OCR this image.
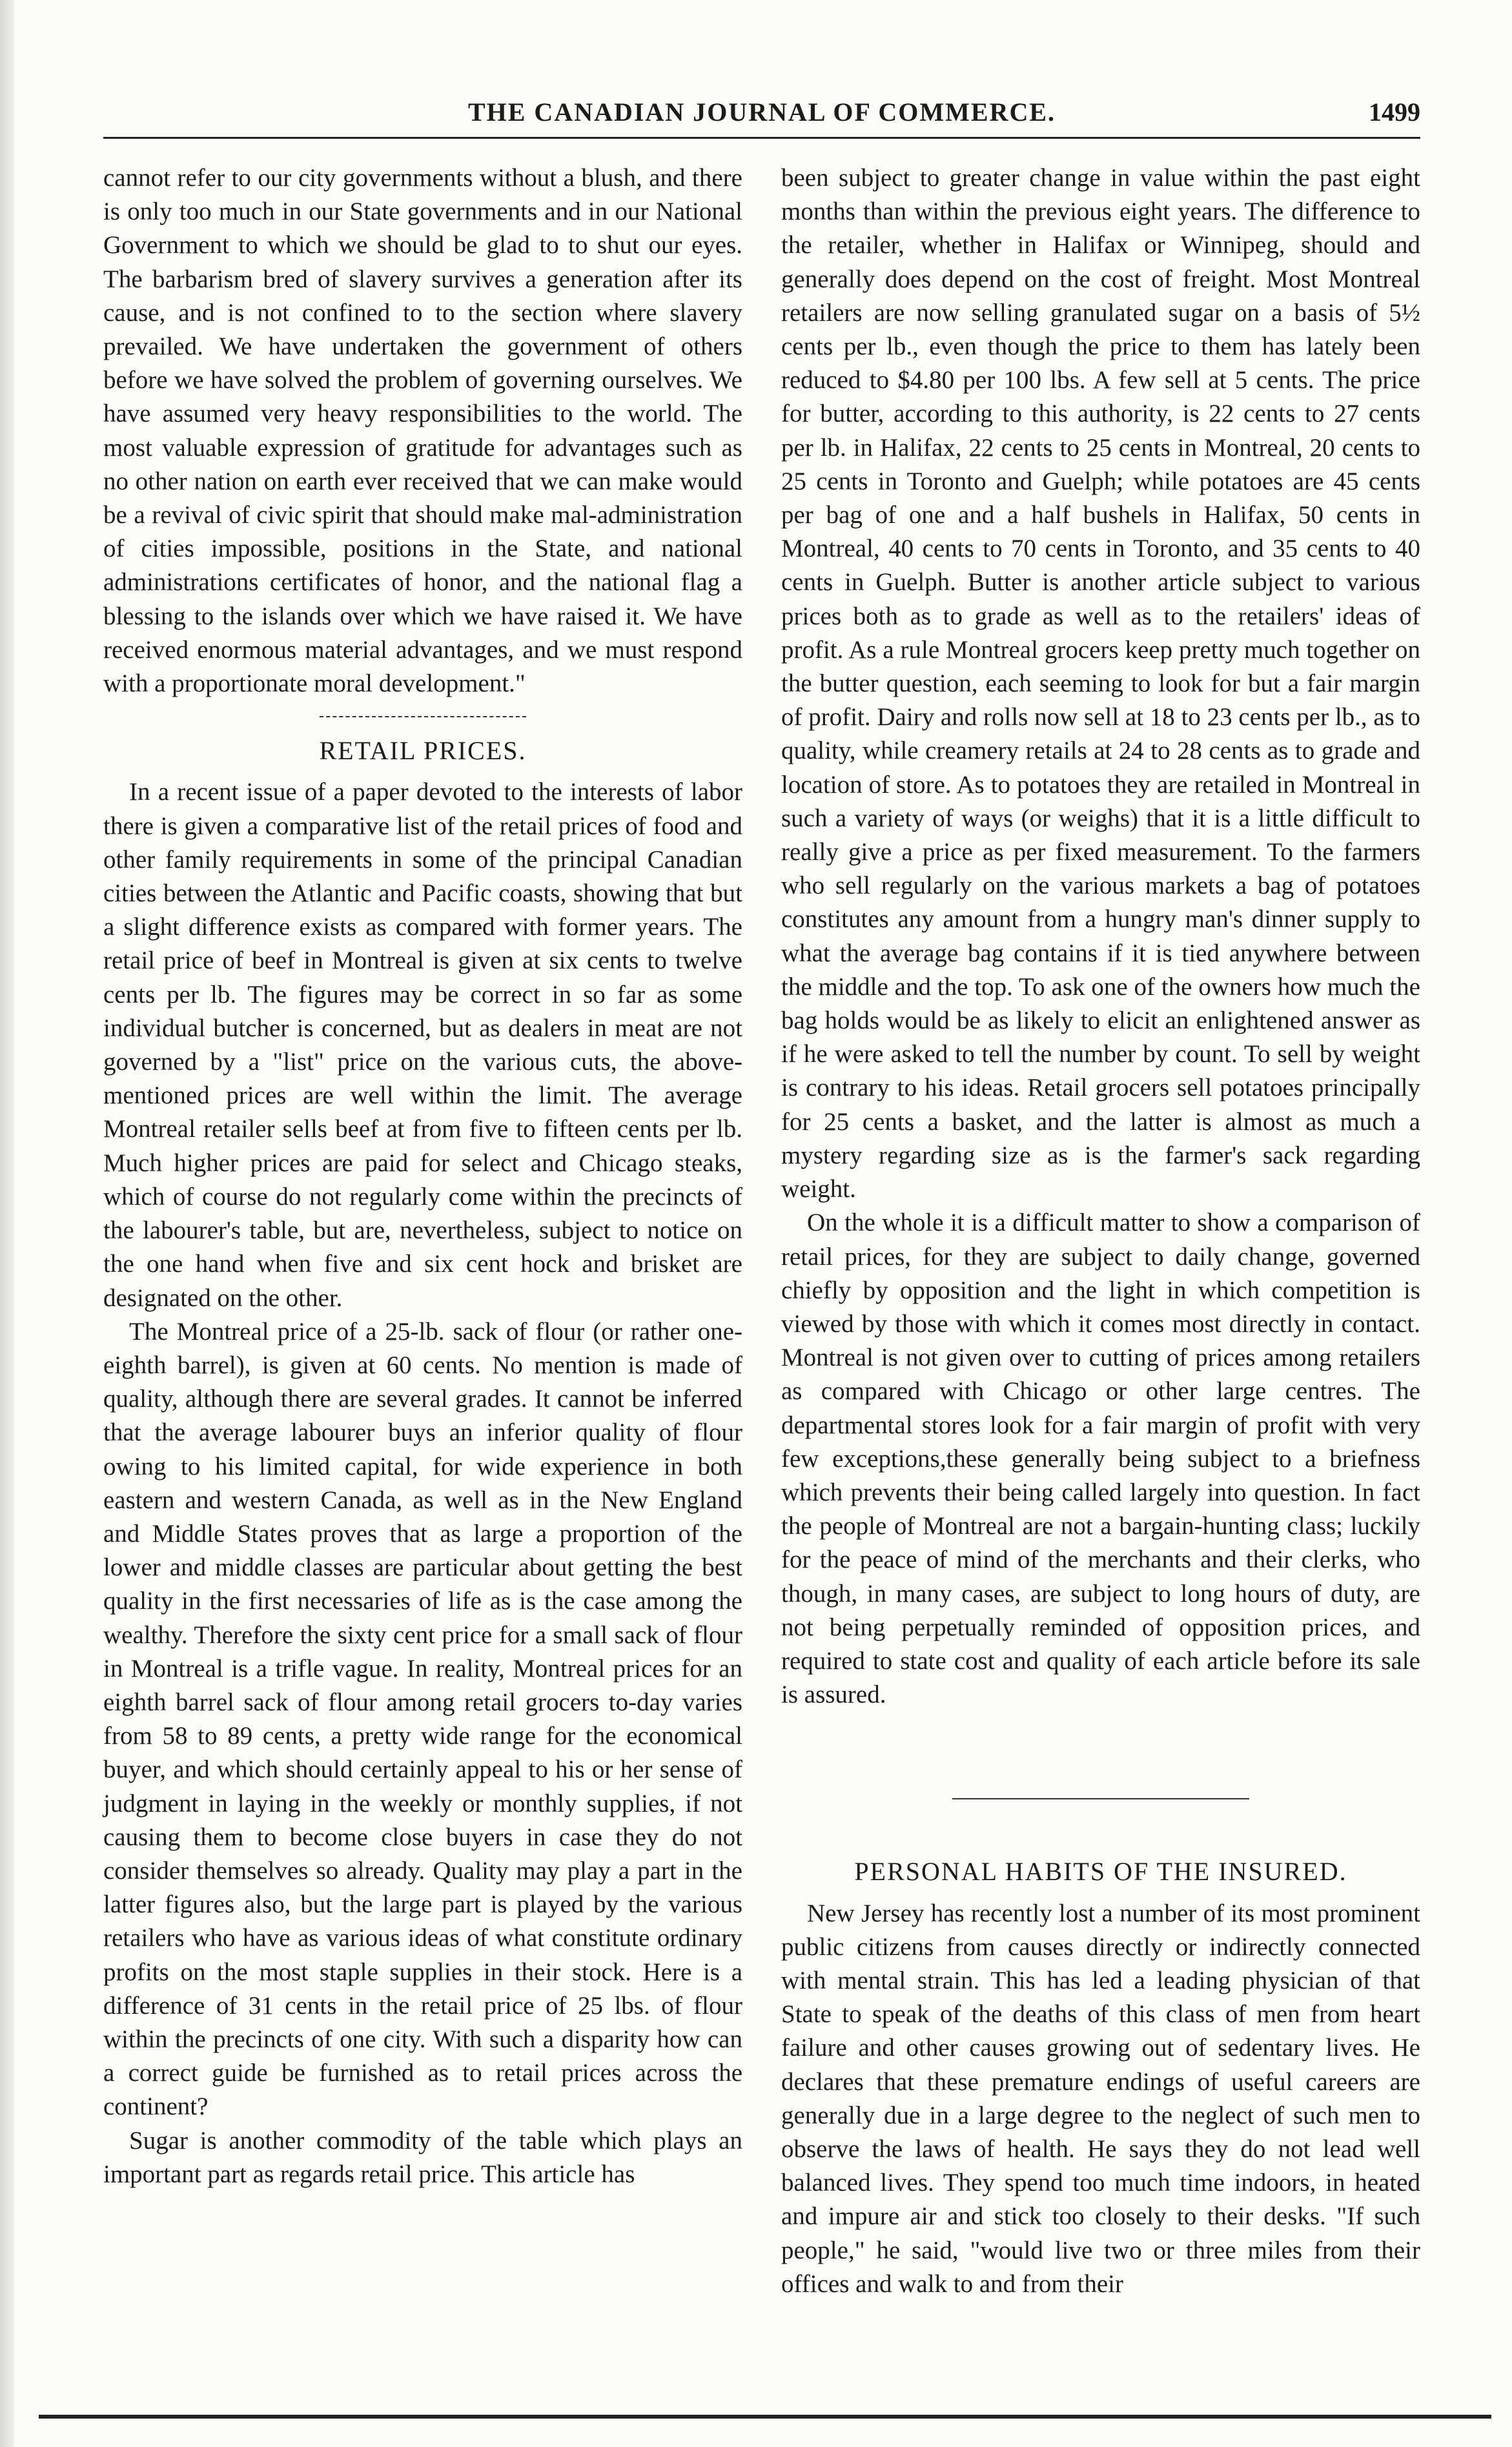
THE CANADIAN JOURNAL OF COMMERCE.	1499

cannot refer to our city governments without a blush, and there is only too much in our State governments and in our National Government to which we should be glad to to shut our eyes. The barbarism bred of slavery survives a generation after its cause, and is not confined to to the section where slavery prevailed. We have undertaken the government of others before we have solved the problem of governing ourselves. We have assumed very heavy responsibilities to the world. The most valuable expression of gratitude for advantages such as no other nation on earth ever received that we can make would be a revival of civic spirit that should make mal-administration of cities impossible, positions in the State, and national administrations certificates of honor, and the national flag a blessing to the islands over which we have raised it. We have received enormous material advantages, and we must respond with a proportionate moral development."

RETAIL PRICES.

In a recent issue of a paper devoted to the interests of labor there is given a comparative list of the retail prices of food and other family requirements in some of the principal Canadian cities between the Atlantic and Pacific coasts, showing that but a slight difference exists as compared with former years. The retail price of beef in Montreal is given at six cents to twelve cents per lb. The figures may be correct in so far as some individual butcher is concerned, but as dealers in meat are not governed by a "list" price on the various cuts, the above-mentioned prices are well within the limit. The average Montreal retailer sells beef at from five to fifteen cents per lb. Much higher prices are paid for select and Chicago steaks, which of course do not regularly come within the precincts of the labourer's table, but are, nevertheless, subject to notice on the one hand when five and six cent hock and brisket are designated on the other.

The Montreal price of a 25-lb. sack of flour (or rather one-eighth barrel), is given at 60 cents. No mention is made of quality, although there are several grades. It cannot be inferred that the average labourer buys an inferior quality of flour owing to his limited capital, for wide experience in both eastern and western Canada, as well as in the New England and Middle States proves that as large a proportion of the lower and middle classes are particular about getting the best quality in the first necessaries of life as is the case among the wealthy. Therefore the sixty cent price for a small sack of flour in Montreal is a trifle vague. In reality, Montreal prices for an eighth barrel sack of flour among retail grocers to-day varies from 58 to 89 cents, a pretty wide range for the economical buyer, and which should certainly appeal to his or her sense of judgment in laying in the weekly or monthly supplies, if not causing them to become close buyers in case they do not consider themselves so already. Quality may play a part in the latter figures also, but the large part is played by the various retailers who have as various ideas of what constitute ordinary profits on the most staple supplies in their stock. Here is a difference of 31 cents in the retail price of 25 lbs. of flour within the precincts of one city. With such a disparity how can a correct guide be furnished as to retail prices across the continent?

Sugar is another commodity of the table which plays an important part as regards retail price. This article has

been subject to greater change in value within the past eight months than within the previous eight years. The difference to the retailer, whether in Halifax or Winnipeg, should and generally does depend on the cost of freight. Most Montreal retailers are now selling granulated sugar on a basis of 5½ cents per lb., even though the price to them has lately been reduced to $4.80 per 100 lbs. A few sell at 5 cents. The price for butter, according to this authority, is 22 cents to 27 cents per lb. in Halifax, 22 cents to 25 cents in Montreal, 20 cents to 25 cents in Toronto and Guelph; while potatoes are 45 cents per bag of one and a half bushels in Halifax, 50 cents in Montreal, 40 cents to 70 cents in Toronto, and 35 cents to 40 cents in Guelph. Butter is another article subject to various prices both as to grade as well as to the retailers' ideas of profit. As a rule Montreal grocers keep pretty much together on the butter question, each seeming to look for but a fair margin of profit. Dairy and rolls now sell at 18 to 23 cents per lb., as to quality, while creamery retails at 24 to 28 cents as to grade and location of store. As to potatoes they are retailed in Montreal in such a variety of ways (or weighs) that it is a little difficult to really give a price as per fixed measurement. To the farmers who sell regularly on the various markets a bag of potatoes constitutes any amount from a hungry man's dinner supply to what the average bag contains if it is tied anywhere between the middle and the top. To ask one of the owners how much the bag holds would be as likely to elicit an enlightened answer as if he were asked to tell the number by count. To sell by weight is contrary to his ideas. Retail grocers sell potatoes principally for 25 cents a basket, and the latter is almost as much a mystery regarding size as is the farmer's sack regarding weight.

On the whole it is a difficult matter to show a comparison of retail prices, for they are subject to daily change, governed chiefly by opposition and the light in which competition is viewed by those with which it comes most directly in contact. Montreal is not given over to cutting of prices among retailers as compared with Chicago or other large centres. The departmental stores look for a fair margin of profit with very few exceptions,these generally being subject to a briefness which prevents their being called largely into question. In fact the people of Montreal are not a bargain-hunting class; luckily for the peace of mind of the merchants and their clerks, who though, in many cases, are subject to long hours of duty, are not being perpetually reminded of opposition prices, and required to state cost and quality of each article before its sale is assured.

PERSONAL HABITS OF THE INSURED.

New Jersey has recently lost a number of its most prominent public citizens from causes directly or indirectly connected with mental strain. This has led a leading physician of that State to speak of the deaths of this class of men from heart failure and other causes growing out of sedentary lives. He declares that these premature endings of useful careers are generally due in a large degree to the neglect of such men to observe the laws of health. He says they do not lead well balanced lives. They spend too much time indoors, in heated and impure air and stick too closely to their desks. "If such people," he said, "would live two or three miles from their offices and walk to and from their
